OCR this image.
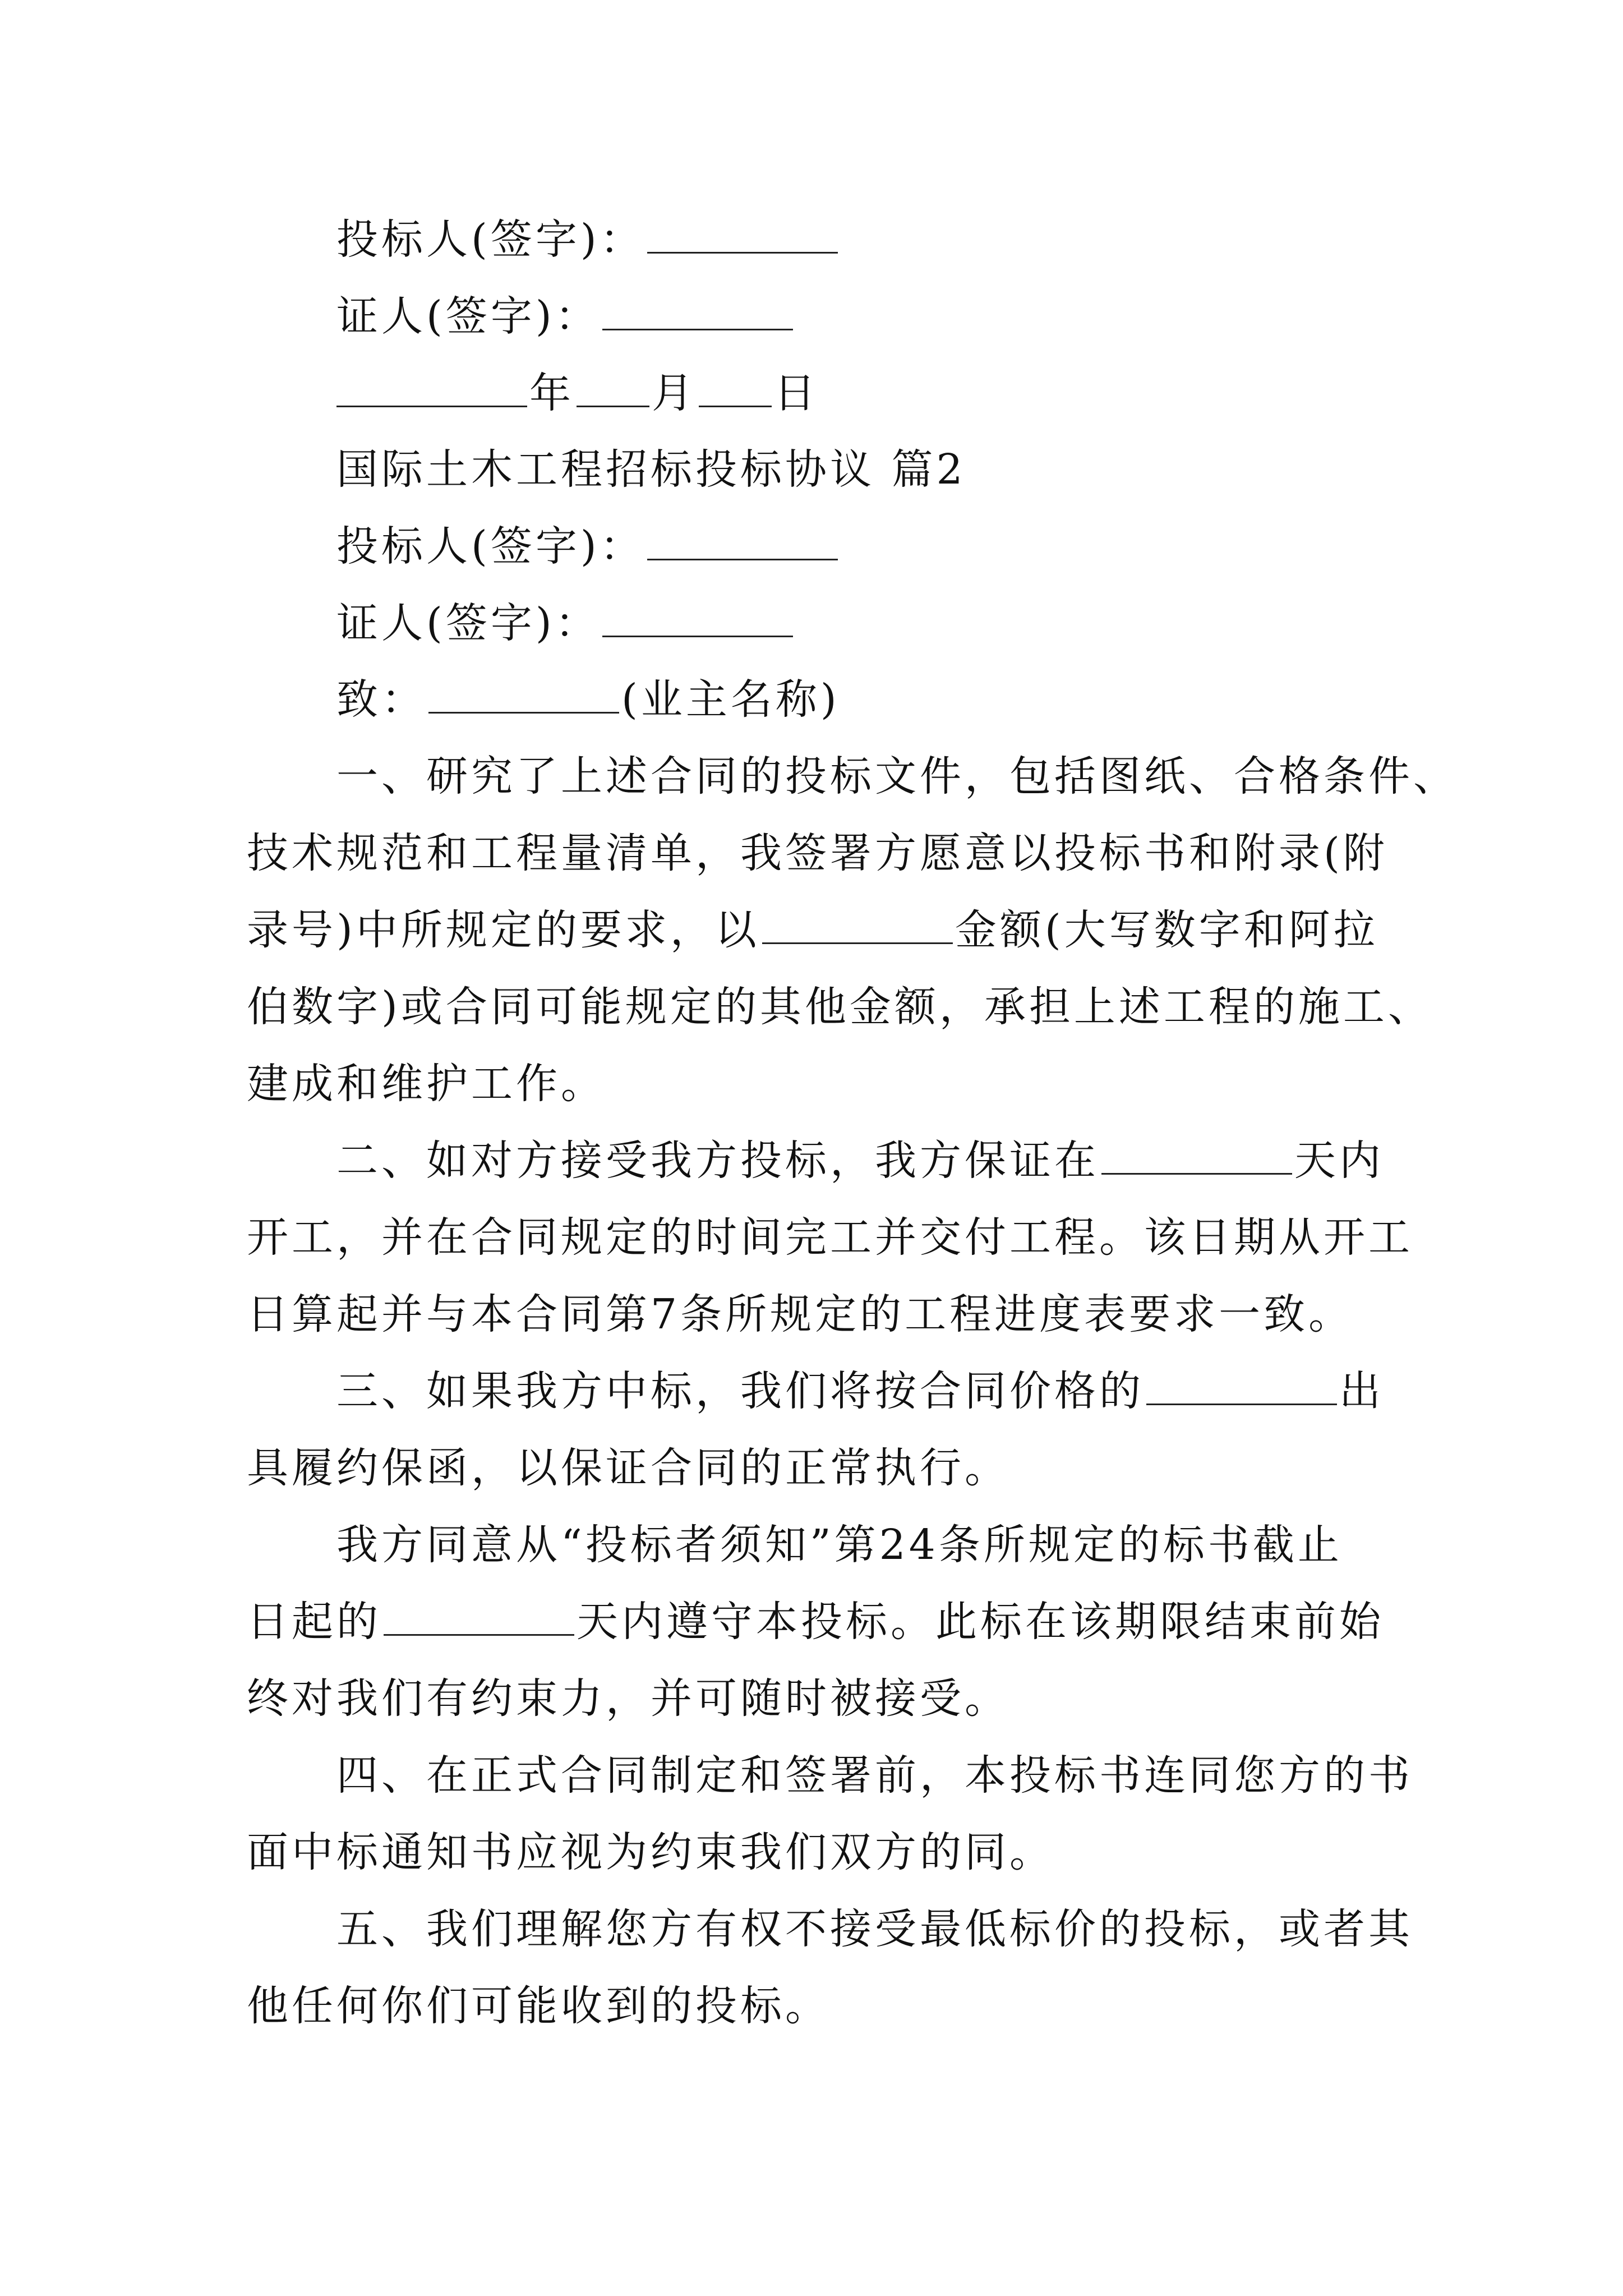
投标人(签字)：
证人(签字)：
年 月 日
国际土木工程招标投标协议 篇2
投标人(签字)：
证人(签字)：
致：	(业主名称)
一、研究了上述合同的投标文件，包括图纸、合格条件、
技术规范和工程量清单，我签署方愿意以投标书和附录(附
录号)中所规定的要求，以	金额(大写数字和阿拉
伯数字)或合同可能规定的其他金额，承担上述工程的施工、
建成和维护工作。
二、如对方接受我方投标，我方保证在	天内
开工，并在合同规定的时间完工并交付工程。该日期从开工
日算起并与本合同第7条所规定的工程进度表要求一致。
三、如果我方中标，我们将按合同价格的	出
具履约保函，以保证合同的正常执行。
我方同意从“投标者须知”第24条所规定的标书截止
日起的	天内遵守本投标。此标在该期限结束前始
终对我们有约束力，并可随时被接受。
四、在正式合同制定和签署前，本投标书连同您方的书
面中标通知书应视为约束我们双方的同。
五、我们理解您方有权不接受最低标价的投标，或者其
他任何你们可能收到的投标。
